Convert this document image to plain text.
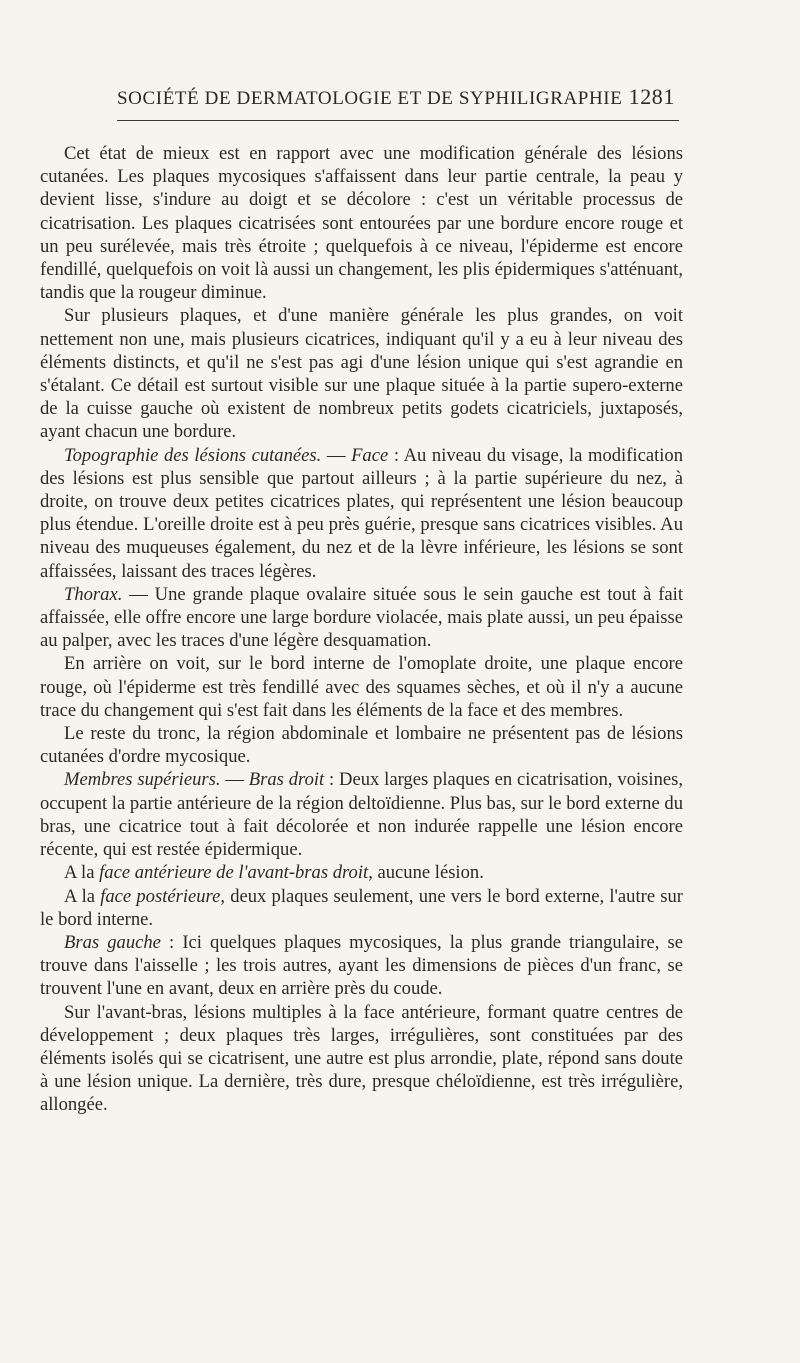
SOCIÉTÉ DE DERMATOLOGIE ET DE SYPHILIGRAPHIE 1281

Cet état de mieux est en rapport avec une modification générale des lésions cutanées. Les plaques mycosiques s'affaissent dans leur partie centrale, la peau y devient lisse, s'indure au doigt et se décolore : c'est un véritable processus de cicatrisation. Les plaques cicatrisées sont entourées par une bordure encore rouge et un peu surélevée, mais très étroite ; quelquefois à ce niveau, l'épiderme est encore fendillé, quelquefois on voit là aussi un changement, les plis épidermiques s'atténuant, tandis que la rougeur diminue.

Sur plusieurs plaques, et d'une manière générale les plus grandes, on voit nettement non une, mais plusieurs cicatrices, indiquant qu'il y a eu à leur niveau des éléments distincts, et qu'il ne s'est pas agi d'une lésion unique qui s'est agrandie en s'étalant. Ce détail est surtout visible sur une plaque située à la partie supero-externe de la cuisse gauche où existent de nombreux petits godets cicatriciels, juxtaposés, ayant chacun une bordure.

Topographie des lésions cutanées. — Face : Au niveau du visage, la modification des lésions est plus sensible que partout ailleurs ; à la partie supérieure du nez, à droite, on trouve deux petites cicatrices plates, qui représentent une lésion beaucoup plus étendue. L'oreille droite est à peu près guérie, presque sans cicatrices visibles. Au niveau des muqueuses également, du nez et de la lèvre inférieure, les lésions se sont affaissées, laissant des traces légères.

Thorax. — Une grande plaque ovalaire située sous le sein gauche est tout à fait affaissée, elle offre encore une large bordure violacée, mais plate aussi, un peu épaisse au palper, avec les traces d'une légère desquamation.

En arrière on voit, sur le bord interne de l'omoplate droite, une plaque encore rouge, où l'épiderme est très fendillé avec des squames sèches, et où il n'y a aucune trace du changement qui s'est fait dans les éléments de la face et des membres.

Le reste du tronc, la région abdominale et lombaire ne présentent pas de lésions cutanées d'ordre mycosique.

Membres supérieurs. — Bras droit : Deux larges plaques en cicatrisation, voisines, occupent la partie antérieure de la région deltoïdienne. Plus bas, sur le bord externe du bras, une cicatrice tout à fait décolorée et non indurée rappelle une lésion encore récente, qui est restée épidermique.

A la face antérieure de l'avant-bras droit, aucune lésion.

A la face postérieure, deux plaques seulement, une vers le bord externe, l'autre sur le bord interne.

Bras gauche : Ici quelques plaques mycosiques, la plus grande triangulaire, se trouve dans l'aisselle ; les trois autres, ayant les dimensions de pièces d'un franc, se trouvent l'une en avant, deux en arrière près du coude.

Sur l'avant-bras, lésions multiples à la face antérieure, formant quatre centres de développement ; deux plaques très larges, irrégulières, sont constituées par des éléments isolés qui se cicatrisent, une autre est plus arrondie, plate, répond sans doute à une lésion unique. La dernière, très dure, presque chéloïdienne, est très irrégulière, allongée.
